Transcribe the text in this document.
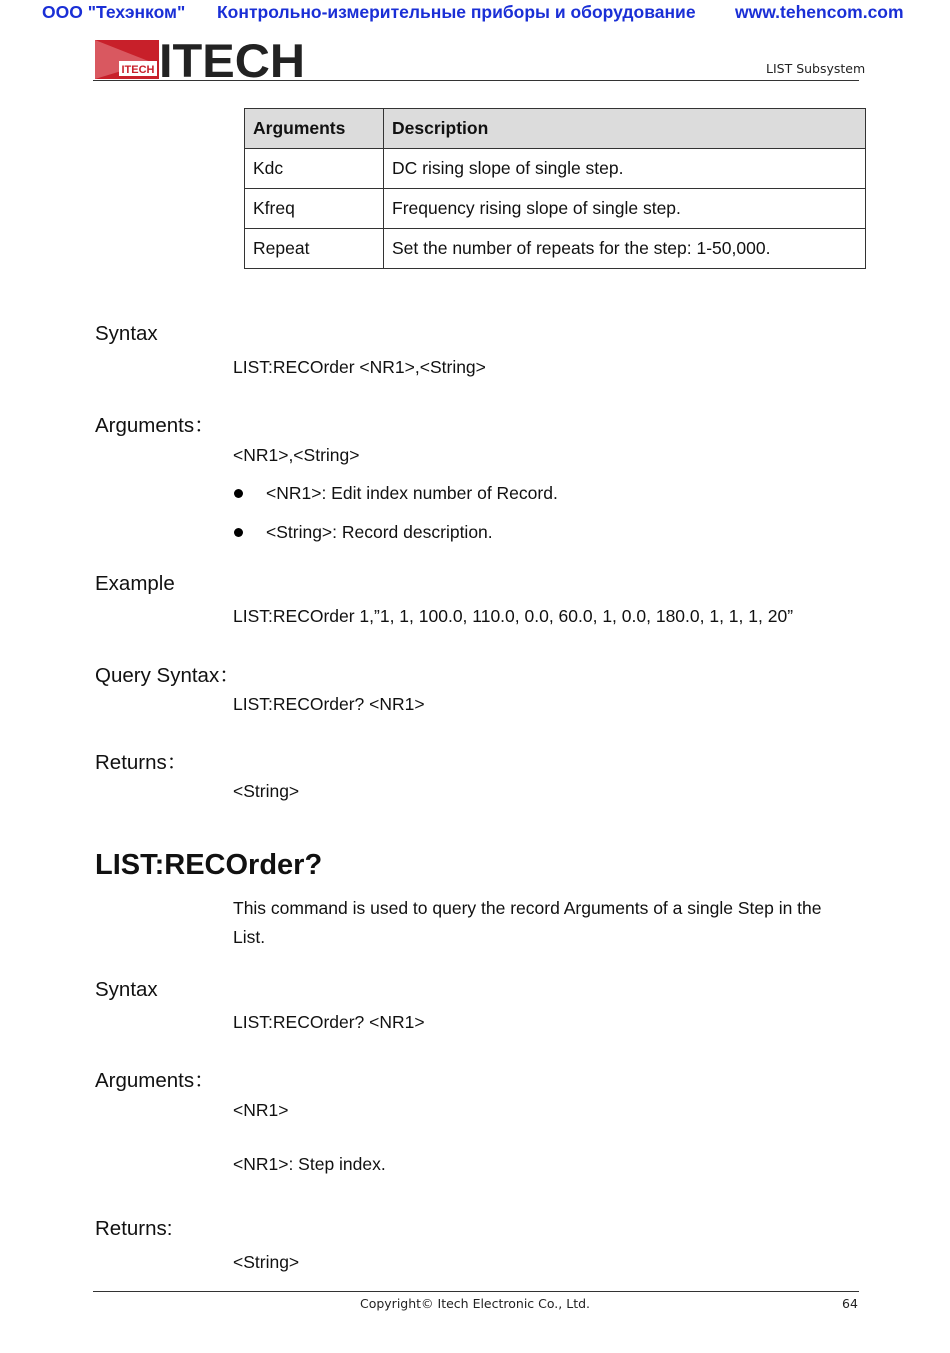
ООО "Техэнком" Контрольно-измерительные приборы и оборудование www.tehencom.com
ITECH ITECH	LIST Subsystem
Arguments	Description
Kdc	DC rising slope of single step.
Kfreq	Frequency rising slope of single step.
Repeat	Set the number of repeats for the step: 1-50,000.
Syntax
LIST:RECOrder <NR1>,<String>
Arguments：
<NR1>,<String>
<NR1>: Edit index number of Record.
<String>: Record description.
Example
LIST:RECOrder 1,”1, 1, 100.0, 110.0, 0.0, 60.0, 1, 0.0, 180.0, 1, 1, 1, 20”
Query Syntax：
LIST:RECOrder? <NR1>
Returns：
<String>
LIST:RECOrder?
This command is used to query the record Arguments of a single Step in the List.
Syntax
LIST:RECOrder? <NR1>
Arguments：
<NR1>
<NR1>: Step index.
Returns:
<String>
Copyright© Itech Electronic Co., Ltd.	64
